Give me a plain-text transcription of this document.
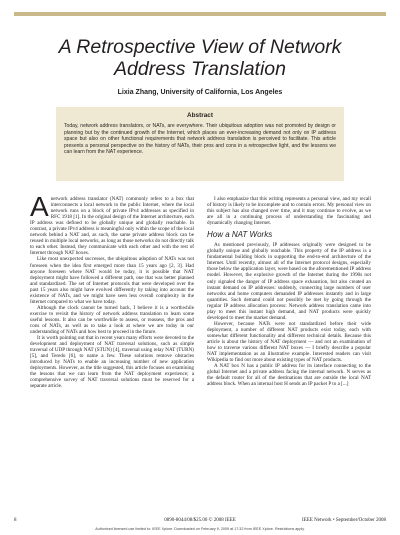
A Retrospective View of Network Address Translation
Lixia Zhang, University of California, Los Angeles
Abstract

Today, network address translators, or NATs, are everywhere. Their ubiquitous adoption was not promoted by design or planning but by the continued growth of the Internet, which places an ever-increasing demand not only on IP address space but also on other functional requirements that network address translation is perceived to facilitate. This article presents a personal perspective on the history of NATs, their pros and cons in a retrospective light, and the lessons we can learn from the NAT experience.

A network address translator (NAT) commonly refers to a box that interconnects a local network to the public Internet, where the local network runs on a block of private IPv4 addresses as specified in RFC 1918 [1]. In the original design of the Internet architecture, each IP address was defined to be globally unique and globally reachable. In contrast, a private IPv4 address is meaningful only within the scope of the local network behind a NAT and, as such, the same private address block can be reused in multiple local networks, as long as those networks do not directly talk to each other. Instead, they communicate with each other and with the rest of Internet through NAT boxes.

Like most unexpected successes, the ubiquitous adoption of NATs was not foreseen when the idea first emerged more than 15 years ago [2, 3]. Had anyone foreseen where NAT would be today, it is possible that NAT deployment might have followed a different path, one that was better planned and standardized. The set of Internet protocols that were developed over the past 15 years also might have evolved differently by taking into account the existence of NATs, and we might have seen less overall complexity in the Internet compared to what we have today.

Although the clock cannot be turned back, I believe it is a worthwhile exercise to revisit the history of network address translation to learn some useful lessons. It also can be worthwhile to assess, or reassess, the pros and cons of NATs, as well as to take a look at where we are today in our understanding of NATs and how best to proceed in the future.

It is worth pointing out that in recent years many efforts were devoted to the development and deployment of NAT traversal solutions, such as simple traversal of UDP through NAT (STUN) [4], traversal using relay NAT (TURN) [5], and Teredo [6], to name a few. These solutions remove obstacles introduced by NATs to enable an increasing number of new application deployments. However, as the title suggested, this article focuses on examining the lessons that we can learn from the NAT deployment experience; a comprehensive survey of NAT traversal solutions must be reserved for a separate article.

I also emphasize that this writing represents a personal view, and my recall of history is likely to be incomplete and to contain errors. My personal view on this subject has also changed over time, and it may continue to evolve, as we are all in a continuing process of understanding the fascinating and dynamically changing Internet.

How a NAT Works

As mentioned previously, IP addresses originally were designed to be globally unique and globally reachable. This property of the IP address is a fundamental building block in supporting the end-to-end architecture of the Internet. Until recently, almost all of the Internet protocol designs, especially those below the application layer, were based on the aforementioned IP address model. However, the explosive growth of the Internet during the 1990s not only signaled the danger of IP address space exhaustion, but also created an instant demand on IP addresses: suddenly, connecting large numbers of user networks and home computers demanded IP addresses instantly and in large quantities. Such demand could not possibly be met by going through the regular IP address allocation process: Network address translation came into play to meet this instant high demand, and NAT products were quickly developed to meet the market demand.

However, because NATs were not standardized before their wide deployment, a number of different NAT products exist today, each with somewhat different functionality and different technical details. Because this article is about the history of NAT deployment — and not an examination of how to traverse various different NAT boxes — I briefly describe a popular NAT implementation as an illustrative example. Interested readers can visit Wikipedia to find out more about existing types of NAT products.

A NAT box N has a public IP address for its interface connecting to the global Internet and a private address facing the internal network. N serves as the default router for all of the destinations that are outside the local NAT address block. When an internal host H sends an IP packet P to a [...]

8	0890-8044/08/$25.00 © 2008 IEEE	IEEE Network • September/October 2008
Authorized licensed use limited to: IEEE Xplore. Downloaded on February 9, 2009 at 17:32 from IEEE Xplore. Restrictions apply.
